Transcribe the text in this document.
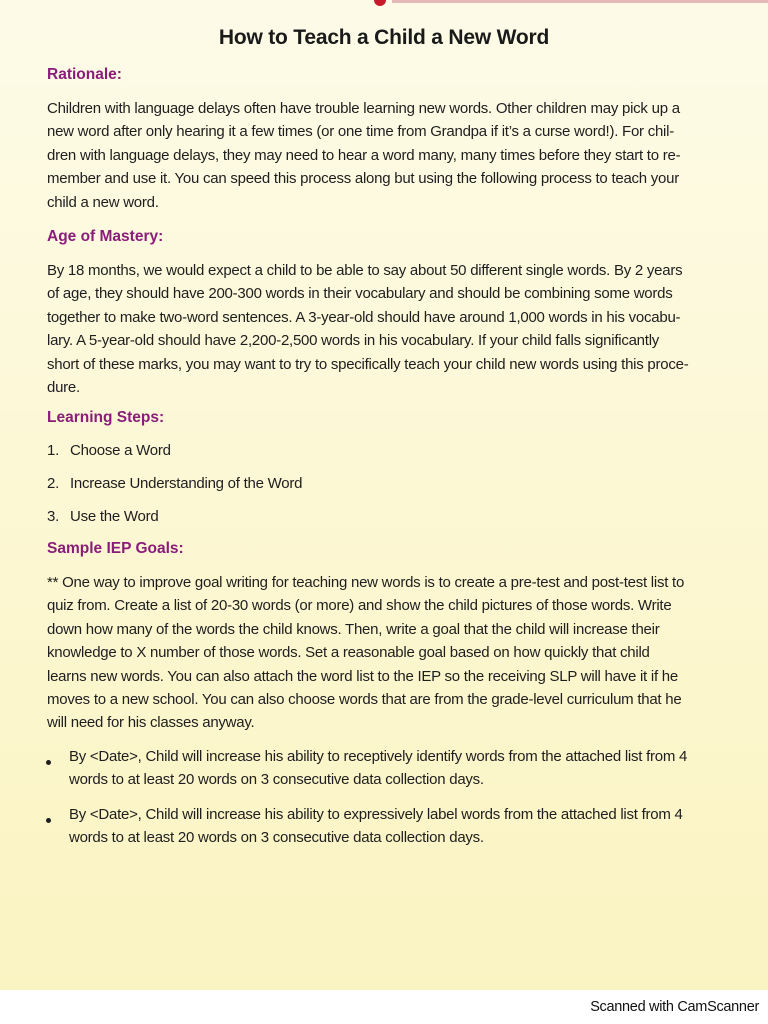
How to Teach a Child a New Word
Rationale:
Children with language delays often have trouble learning new words. Other children may pick up a
new word after only hearing it a few times (or one time from Grandpa if it’s a curse word!). For chil-
dren with language delays, they may need to hear a word many, many times before they start to re-
member and use it. You can speed this process along but using the following process to teach your
child a new word.
Age of Mastery:
By 18 months, we would expect a child to be able to say about 50 different single words. By 2 years
of age, they should have 200-300 words in their vocabulary and should be combining some words
together to make two-word sentences. A 3-year-old should have around 1,000 words in his vocabu-
lary. A 5-year-old should have 2,200-2,500 words in his vocabulary. If your child falls significantly
short of these marks, you may want to try to specifically teach your child new words using this proce-
dure.
Learning Steps:
1. Choose a Word
2. Increase Understanding of the Word
3. Use the Word
Sample IEP Goals:
** One way to improve goal writing for teaching new words is to create a pre-test and post-test list to
quiz from. Create a list of 20-30 words (or more) and show the child pictures of those words. Write
down how many of the words the child knows. Then, write a goal that the child will increase their
knowledge to X number of those words. Set a reasonable goal based on how quickly that child
learns new words. You can also attach the word list to the IEP so the receiving SLP will have it if he
moves to a new school. You can also choose words that are from the grade-level curriculum that he
will need for his classes anyway.
By <Date>, Child will increase his ability to receptively identify words from the attached list from 4
words to at least 20 words on 3 consecutive data collection days.
By <Date>, Child will increase his ability to expressively label words from the attached list from 4
words to at least 20 words on 3 consecutive data collection days.
Scanned with CamScanner
